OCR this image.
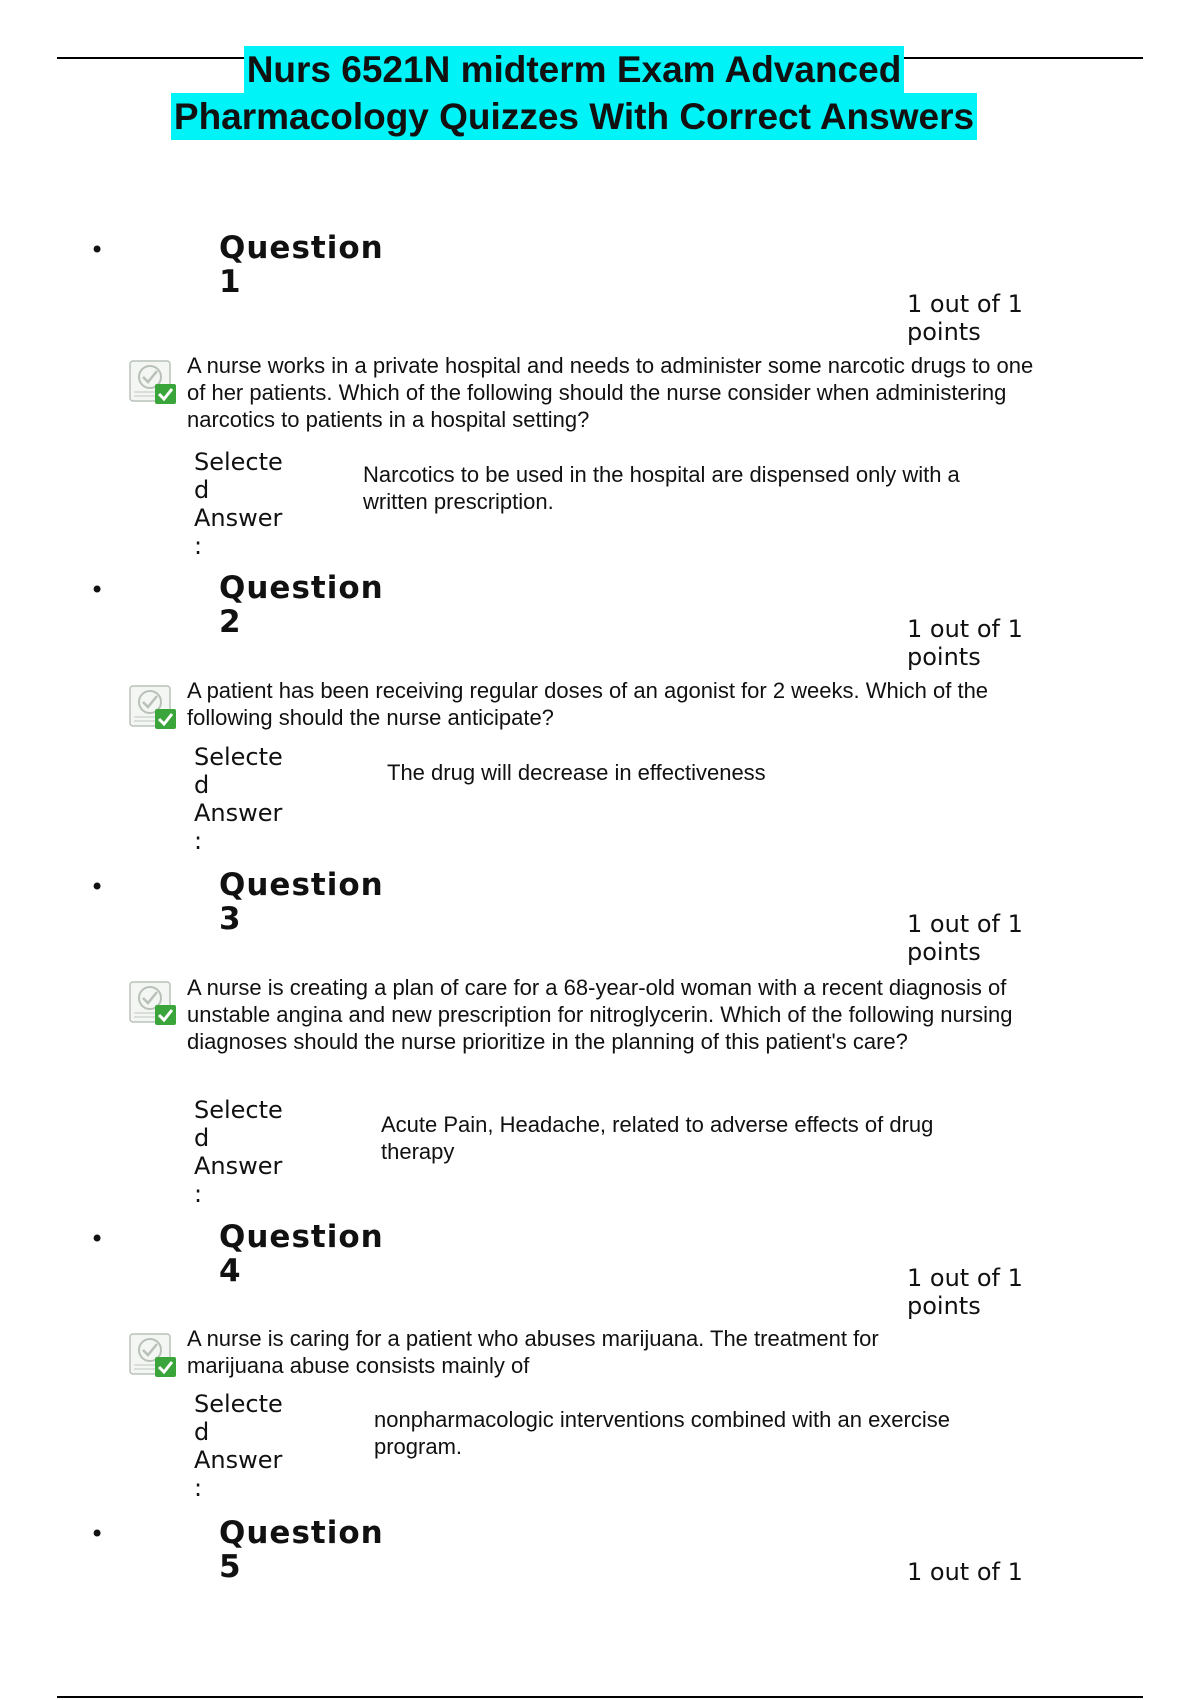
Nurs 6521N midterm Exam Advanced
Pharmacology Quizzes With Correct Answers
•	Question
1
1 out of 1
points
A nurse works in a private hospital and needs to administer some narcotic drugs to one of her patients. Which of the following should the nurse consider when administering narcotics to patients in a hospital setting?
Selecte
d
Answer
:
Narcotics to be used in the hospital are dispensed only with a written prescription.
•	Question
2	1 out of 1
points
A patient has been receiving regular doses of an agonist for 2 weeks. Which of the following should the nurse anticipate?
Selecte
d
Answer
:
The drug will decrease in effectiveness
•	Question
3	1 out of 1
points
A nurse is creating a plan of care for a 68-year-old woman with a recent diagnosis of unstable angina and new prescription for nitroglycerin. Which of the following nursing diagnoses should the nurse prioritize in the planning of this patient's care?
Selecte
d
Answer
:
Acute Pain, Headache, related to adverse effects of drug therapy
•	Question
4	1 out of 1
points
A nurse is caring for a patient who abuses marijuana. The treatment for marijuana abuse consists mainly of
Selecte
d
Answer
:
nonpharmacologic interventions combined with an exercise program.
•	Question
5	1 out of 1
